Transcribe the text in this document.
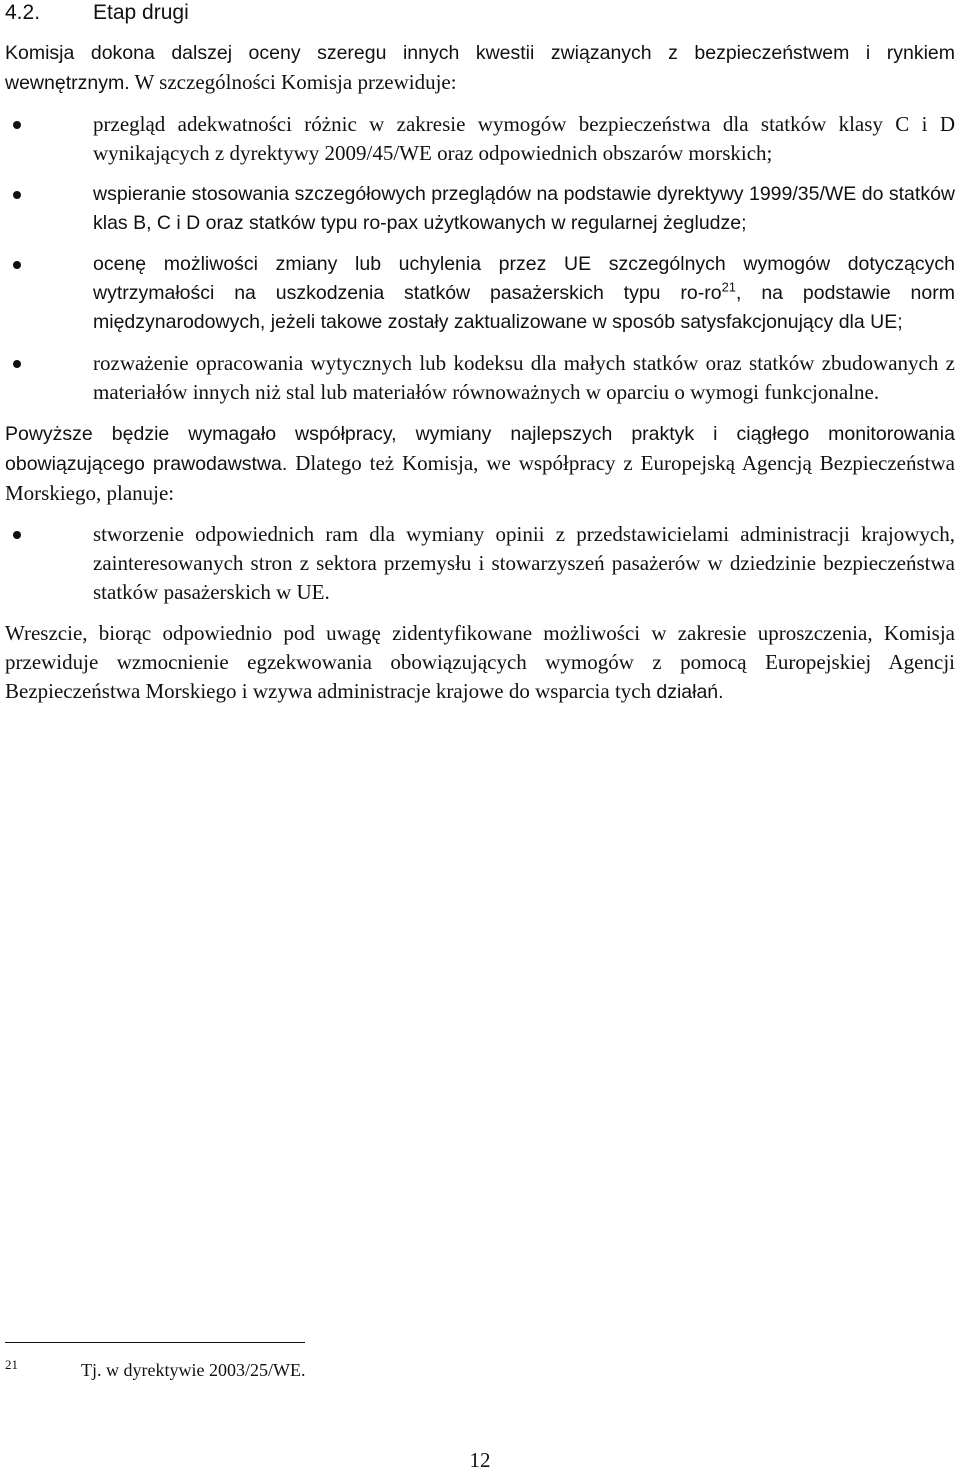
4.2.	Etap drugi

Komisja dokona dalszej oceny szeregu innych kwestii związanych z bezpieczeństwem i rynkiem wewnętrznym. W szczególności Komisja przewiduje:

przegląd adekwatności różnic w zakresie wymogów bezpieczeństwa dla statków klasy C i D wynikających z dyrektywy 2009/45/WE oraz odpowiednich obszarów morskich;
wspieranie stosowania szczegółowych przeglądów na podstawie dyrektywy 1999/35/WE do statków klas B, C i D oraz statków typu ro-pax użytkowanych w regularnej żegludze;
ocenę możliwości zmiany lub uchylenia przez UE szczególnych wymogów dotyczących wytrzymałości na uszkodzenia statków pasażerskich typu $ro-ro^{21}$, na podstawie norm międzynarodowych, jeżeli takowe zostały zaktualizowane w sposób satysfakcjonujący dla UE;
rozważenie opracowania wytycznych lub kodeksu dla małych statków oraz statków zbudowanych z materiałów innych niż stal lub materiałów równoważnych w oparciu o wymogi funkcjonalne.

Powyższe będzie wymagało współpracy, wymiany najlepszych praktyk i ciągłego monitorowania obowiązującego prawodawstwa. Dlatego też Komisja, we współpracy z Europejską Agencją Bezpieczeństwa Morskiego, planuje:

stworzenie odpowiednich ram dla wymiany opinii z przedstawicielami administracji krajowych, zainteresowanych stron z sektora przemysłu i stowarzyszeń pasażerów w dziedzinie bezpieczeństwa statków pasażerskich w UE.

Wreszcie, biorąc odpowiednio pod uwagę zidentyfikowane możliwości w zakresie uproszczenia, Komisja przewiduje wzmocnienie egzekwowania obowiązujących wymogów z pomocą Europejskiej Agencji Bezpieczeństwa Morskiego i wzywa administracje krajowe do wsparcia tych działań.

21	Tj. w dyrektywie 2003/25/WE.
12
